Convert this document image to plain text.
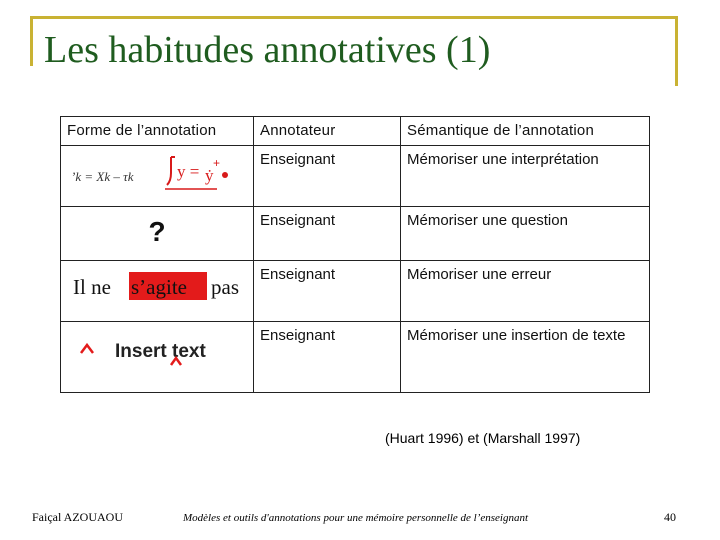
Les habitudes annotatives (1)
Forme de l’annotation	Annotateur	Sémantique de l’annotation

’k = Xk – τk y = ẏ
+	Enseignant	Mémoriser une interprétation

?	Enseignant	Mémoriser une question

Il ne s’agite pas	Enseignant	Mémoriser une erreur

Insert text	Enseignant	Mémoriser une insertion de texte
(Huart 1996) et (Marshall 1997)
Faiçal AZOUAOU	Modèles et outils d'annotations pour une mémoire personnelle de l’enseignant	40
